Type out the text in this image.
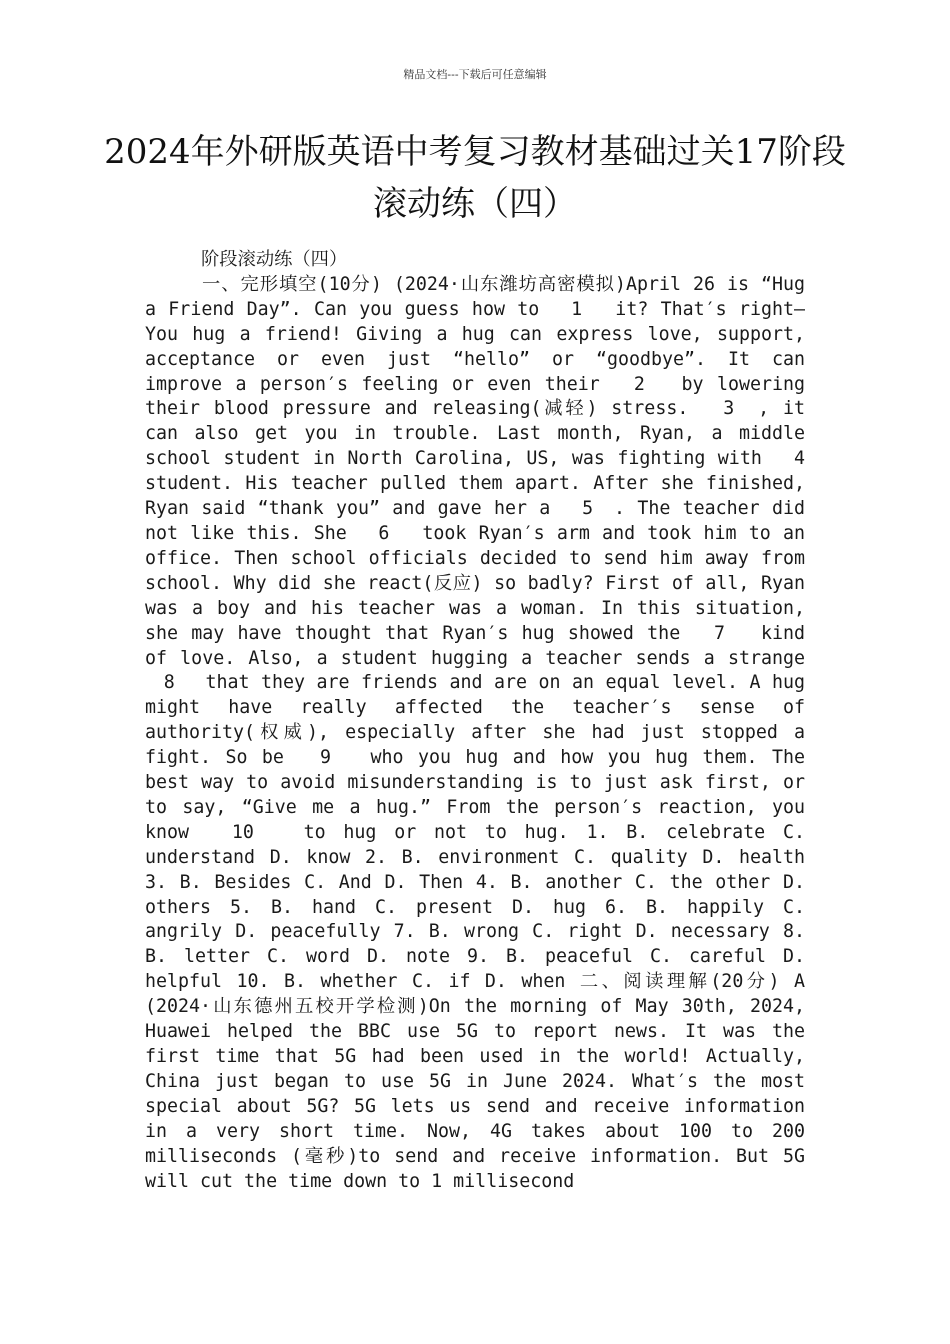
精品文档---下载后可任意编辑
2024年外研版英语中考复习教材基础过关17阶段滚动练（四）
阶段滚动练（四）
一、完形填空(10分) (2024·山东潍坊高密模拟)April 26 is “Hug a Friend Day”. Can you guess how to 　1　 it? That′s right—You hug a friend! Giving a hug can express love, support, acceptance or even just “hello” or “goodbye”. It can improve a person′s feeling or even their 　2　 by lowering their blood pressure and releasing(减轻) stress. 　3　, it can also get you in trouble. Last month, Ryan, a middle school student in North Carolina, US, was fighting with 　4　 student. His teacher pulled them apart. After she finished, Ryan said “thank you” and gave her a 　5　. The teacher did not like this. She 　6　 took Ryan′s arm and took him to an office. Then school officials decided to send him away from school. Why did she react(反应) so badly? First of all, Ryan was a boy and his teacher was a woman. In this situation, she may have thought that Ryan′s hug showed the 　7　 kind of love. Also, a student hugging a teacher sends a strange 　8　 that they are friends and are on an equal level. A hug might have really affected the teacher′s sense of authority(权威), especially after she had just stopped a fight. So be 　9　 who you hug and how you hug them. The best way to avoid misunderstanding is to just ask first, or to say, “Give me a hug.” From the person′s reaction, you know 　10　 to hug or not to hug. 1. B. celebrate C. understand D. know 2. B. environment C. quality D. health 3. B. Besides C. And D. Then 4. B. another C. the other D. others 5. B. hand C. present D. hug 6. B. happily C. angrily D. peacefully 7. B. wrong C. right D. necessary 8. B. letter C. word D. note 9. B. peaceful C. careful D. helpful 10. B. whether C. if D. when 二、阅读理解(20分) A (2024·山东德州五校开学检测)On the morning of May 30th, 2024, Huawei helped the BBC use 5G to report news. It was the first time that 5G had been used in the world! Actually, China just began to use 5G in June 2024. What′s the most special about 5G? 5G lets us send and receive information in a very short time. Now, 4G takes about 100 to 200 milliseconds (毫秒)to send and receive information. But 5G will cut the time down to 1 millisecond
